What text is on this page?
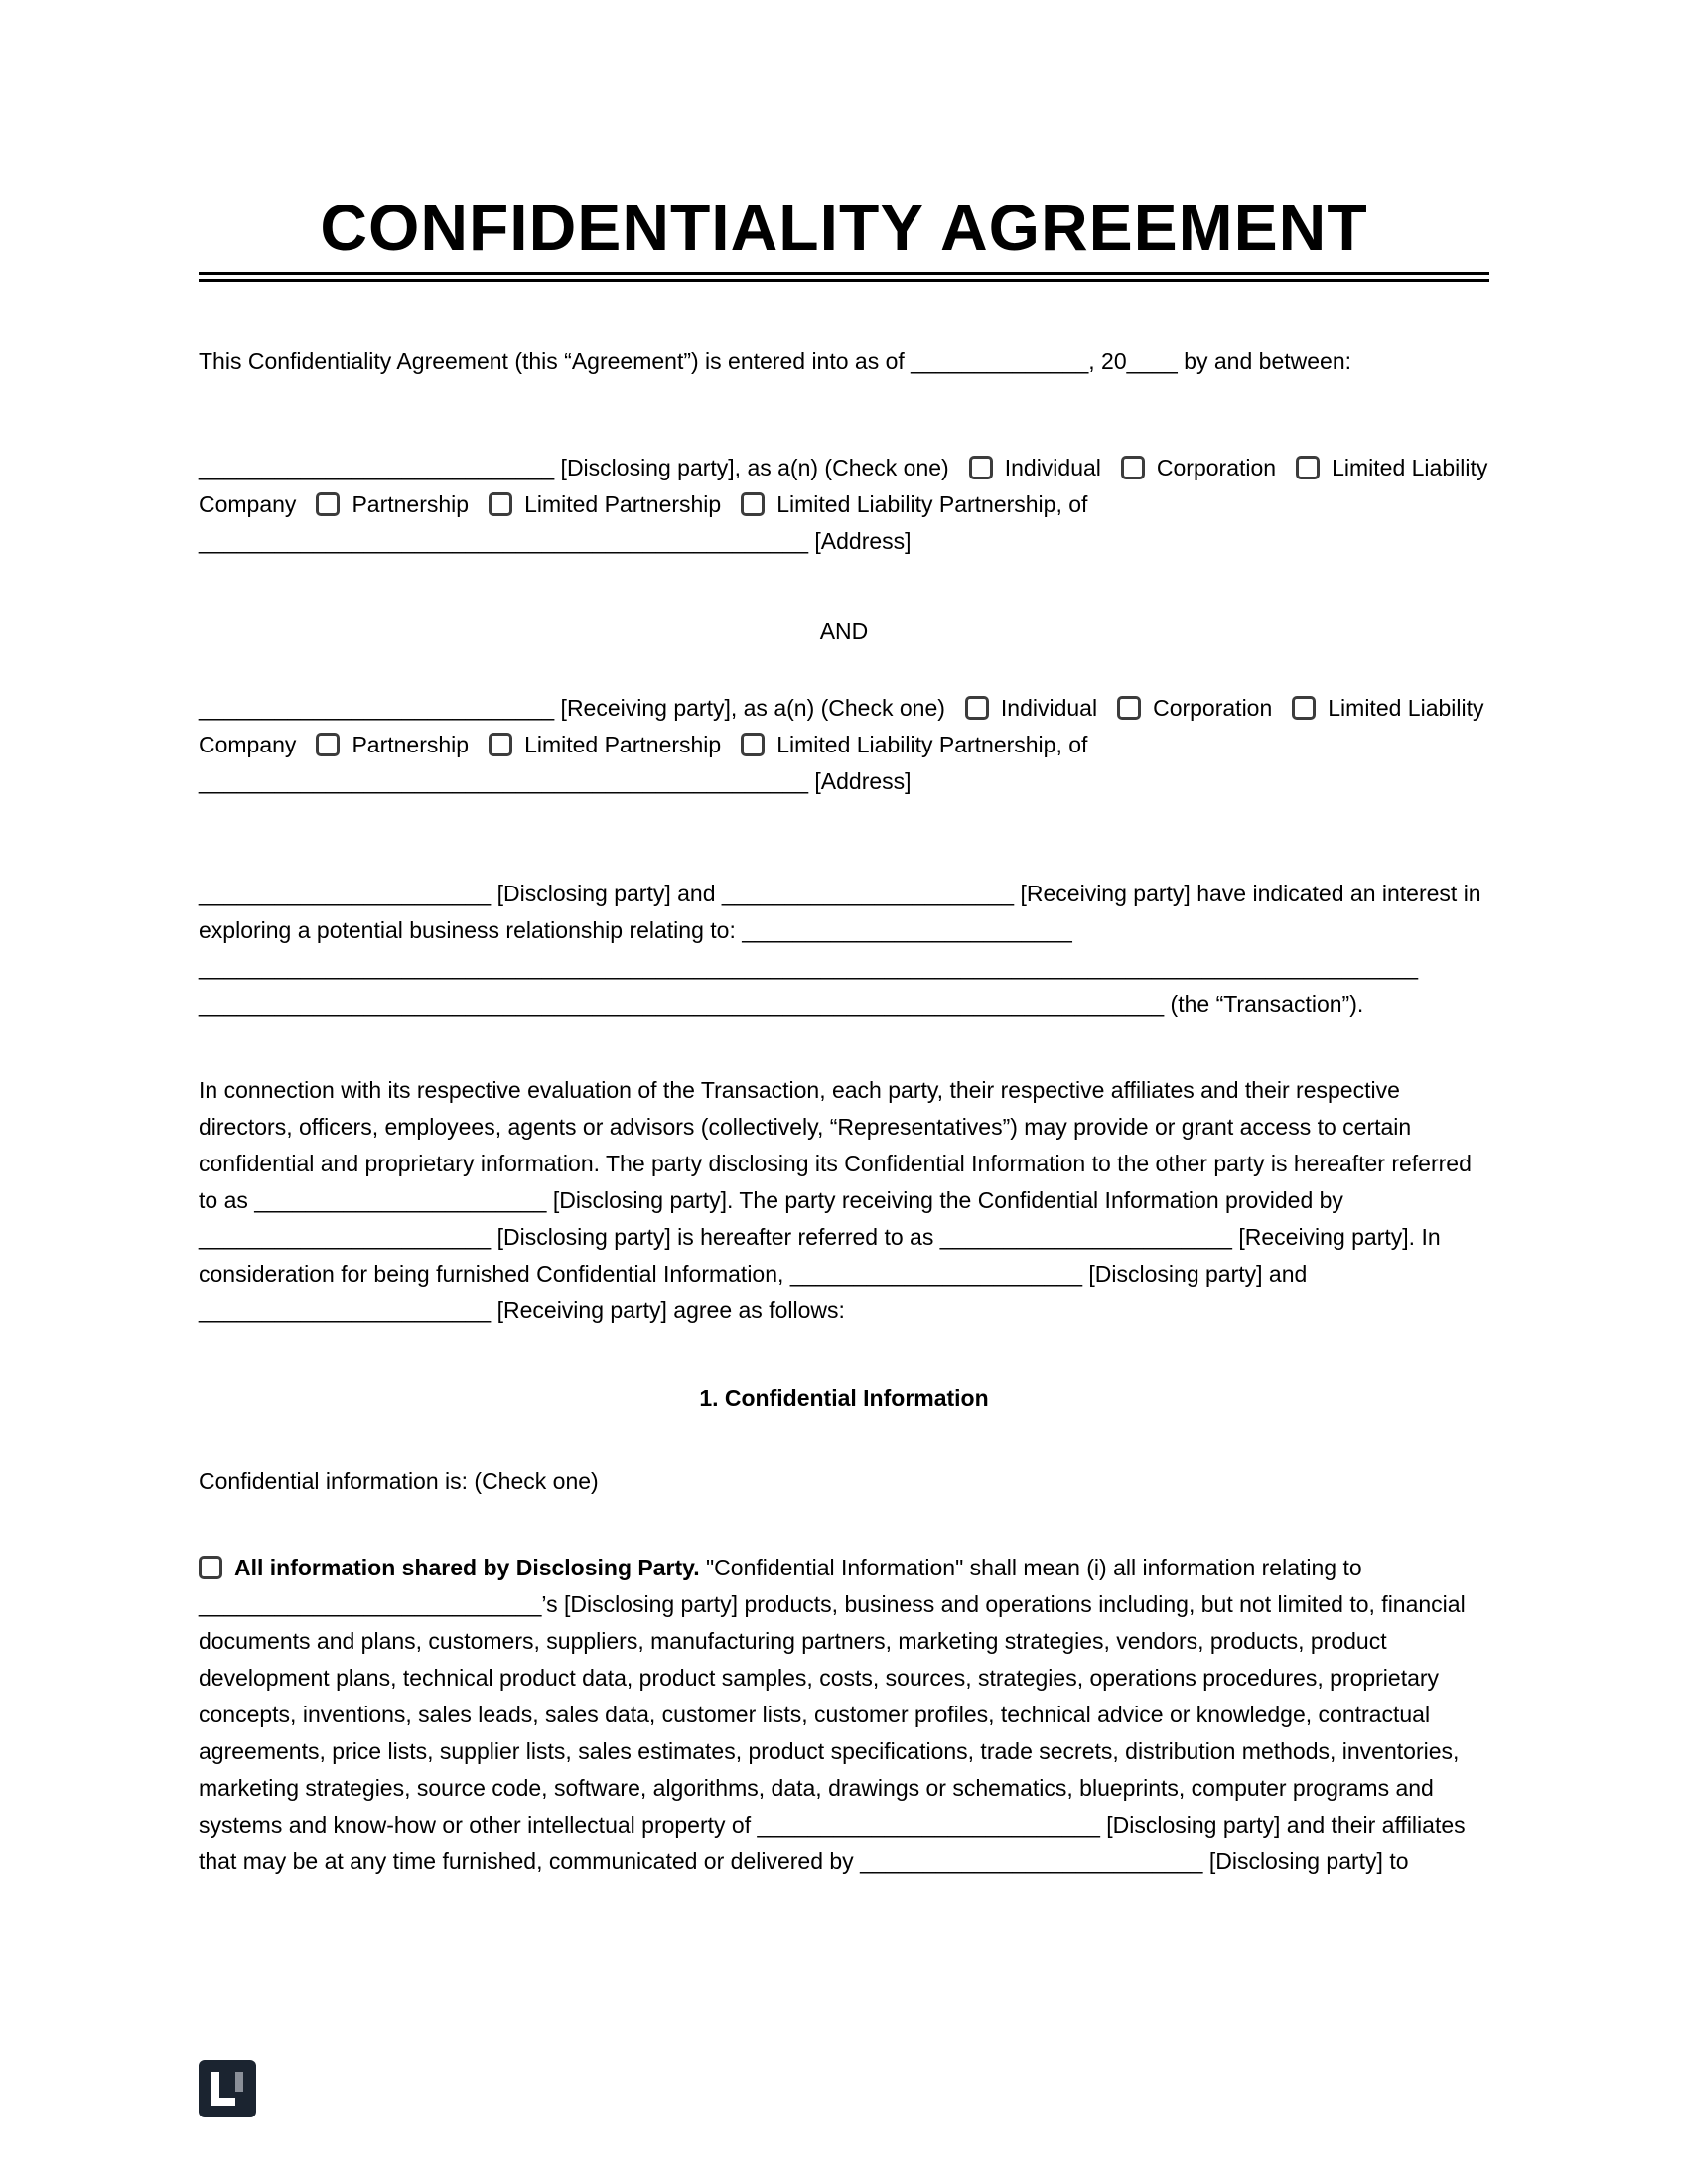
CONFIDENTIALITY AGREEMENT

This Confidentiality Agreement (this “Agreement”) is entered into as of ______________, 20____ by and between:

____________________________ [Disclosing party], as a(n) (Check one) Individual Corporation Limited Liability Company Partnership Limited Partnership Limited Liability Partnership, of ________________________________________________ [Address]

AND

____________________________ [Receiving party], as a(n) (Check one) Individual Corporation Limited Liability Company Partnership Limited Partnership Limited Liability Partnership, of ________________________________________________ [Address]

_______________________ [Disclosing party] and _______________________ [Receiving party] have indicated an interest in exploring a potential business relationship relating to: __________________________ ________________________________________________________________________________________________ ____________________________________________________________________________ (the “Transaction”).

In connection with its respective evaluation of the Transaction, each party, their respective affiliates and their respective directors, officers, employees, agents or advisors (collectively, “Representatives”) may provide or grant access to certain confidential and proprietary information. The party disclosing its Confidential Information to the other party is hereafter referred to as _______________________ [Disclosing party]. The party receiving the Confidential Information provided by _______________________ [Disclosing party] is hereafter referred to as _______________________ [Receiving party]. In consideration for being furnished Confidential Information, _______________________ [Disclosing party] and _______________________ [Receiving party] agree as follows:

1. Confidential Information

Confidential information is: (Check one)

All information shared by Disclosing Party. "Confidential Information" shall mean (i) all information relating to ___________________________’s [Disclosing party] products, business and operations including, but not limited to, financial documents and plans, customers, suppliers, manufacturing partners, marketing strategies, vendors, products, product development plans, technical product data, product samples, costs, sources, strategies, operations procedures, proprietary concepts, inventions, sales leads, sales data, customer lists, customer profiles, technical advice or knowledge, contractual agreements, price lists, supplier lists, sales estimates, product specifications, trade secrets, distribution methods, inventories, marketing strategies, source code, software, algorithms, data, drawings or schematics, blueprints, computer programs and systems and know-how or other intellectual property of ___________________________ [Disclosing party] and their affiliates that may be at any time furnished, communicated or delivered by ___________________________ [Disclosing party] to
